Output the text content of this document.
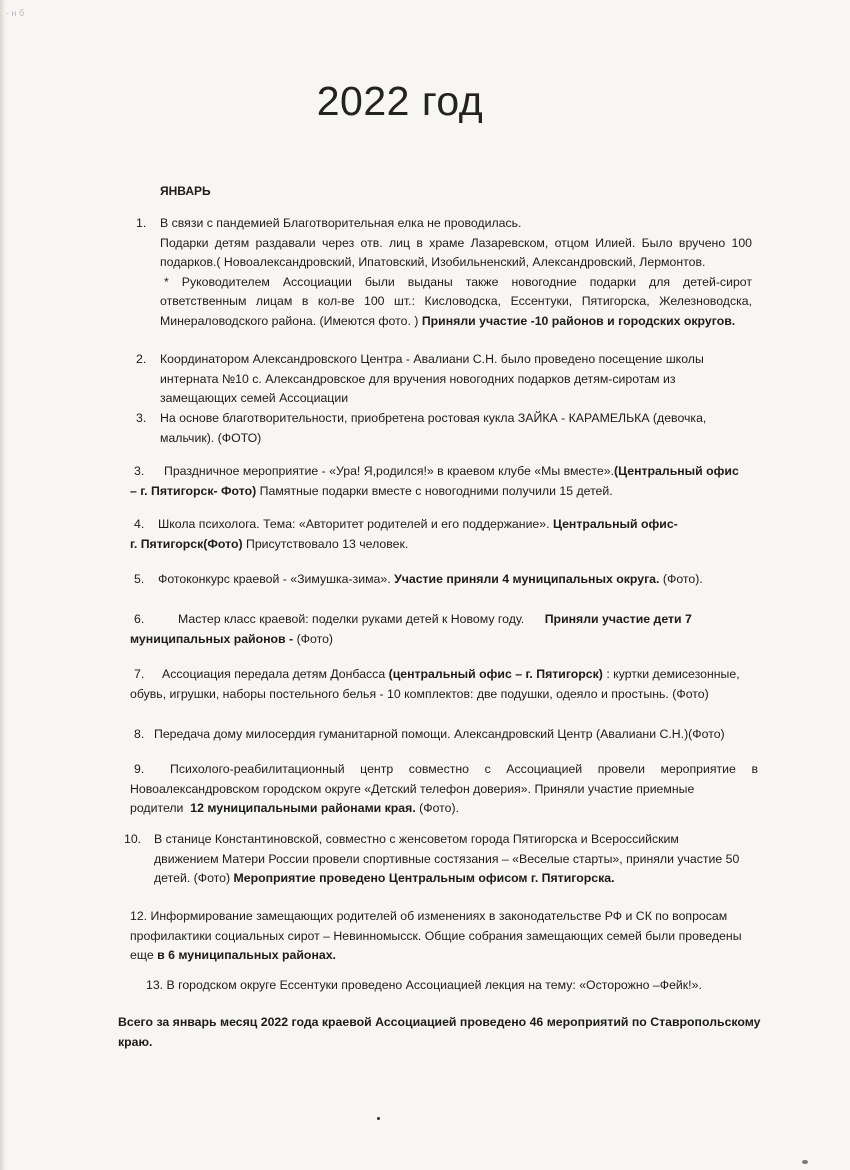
- н б
2022 год
ЯНВАРЬ
1. В связи с пандемией Благотворительная елка не проводилась.
Подарки детям раздавали через отв. лиц в храме Лазаревском, отцом Илией. Было вручено 100
подарков.( Новоалександровский, Ипатовский, Изобильненский, Александровский, Лермонтов.
* Руководителем Ассоциации были выданы также новогодние подарки для детей-сирот
ответственным лицам в кол-ве 100 шт.: Кисловодска, Ессентуки, Пятигорска, Железноводска,
Минераловодского района. (Имеются фото. ) Приняли участие -10 районов и городских округов.
2. Координатором Александровского Центра - Авалиани С.Н. было проведено посещение школы
интерната №10 с. Александровское для вручения новогодних подарков детям-сиротам из
замещающих семей Ассоциации
3. На основе благотворительности, приобретена ростовая кукла ЗАЙКА - КАРАМЕЛЬКА (девочка,
мальчик). (ФОТО)
Праздничное мероприятие - «Ура! Я,родился!» в краевом клубе «Мы вместе».(Центральный офис
– г. Пятигорск- Фото) Памятные подарки вместе с новогодними получили 15 детей.
3.
Школа психолога. Тема: «Авторитет родителей и его поддержание». Центральный офис-
г. Пятигорск(Фото) Присутствовало 13 человек.
4.
5.	Фотоконкурс краевой - «Зимушка-зима». Участие приняли 4 муниципальных округа. (Фото).
6.	Мастер класс краевой: поделки руками детей к Новому году. Приняли участие дети 7
муниципальных районов - (Фото)
7.	Ассоциация передала детям Донбасса (центральный офис – г. Пятигорск) : куртки демисезонные,
обувь, игрушки, наборы постельного белья - 10 комплектов: две подушки, одеяло и простынь. (Фото)
8. Передача дому милосердия гуманитарной помощи. Александровский Центр (Авалиани С.Н.)(Фото)
9.	Психолого-реабилитационный центр совместно с Ассоциацией провели мероприятие в
Новоалександровском городском округе «Детский телефон доверия». Приняли участие приемные
родители 12 муниципальными районами края. (Фото).
10. В станице Константиновской, совместно с женсоветом города Пятигорска и Всероссийским
движением Матери России провели спортивные состязания – «Веселые старты», приняли участие 50
детей. (Фото) Мероприятие проведено Центральным офисом г. Пятигорска.
12. Информирование замещающих родителей об изменениях в законодательстве РФ и СК по вопросам
профилактики социальных сирот – Невинномысск. Общие собрания замещающих семей были проведены
еще в 6 муниципальных районах.
13. В городском округе Ессентуки проведено Ассоциацией лекция на тему: «Осторожно –Фейк!».
Всего за январь месяц 2022 года краевой Ассоциацией проведено 46 мероприятий по Ставропольскому
краю.
